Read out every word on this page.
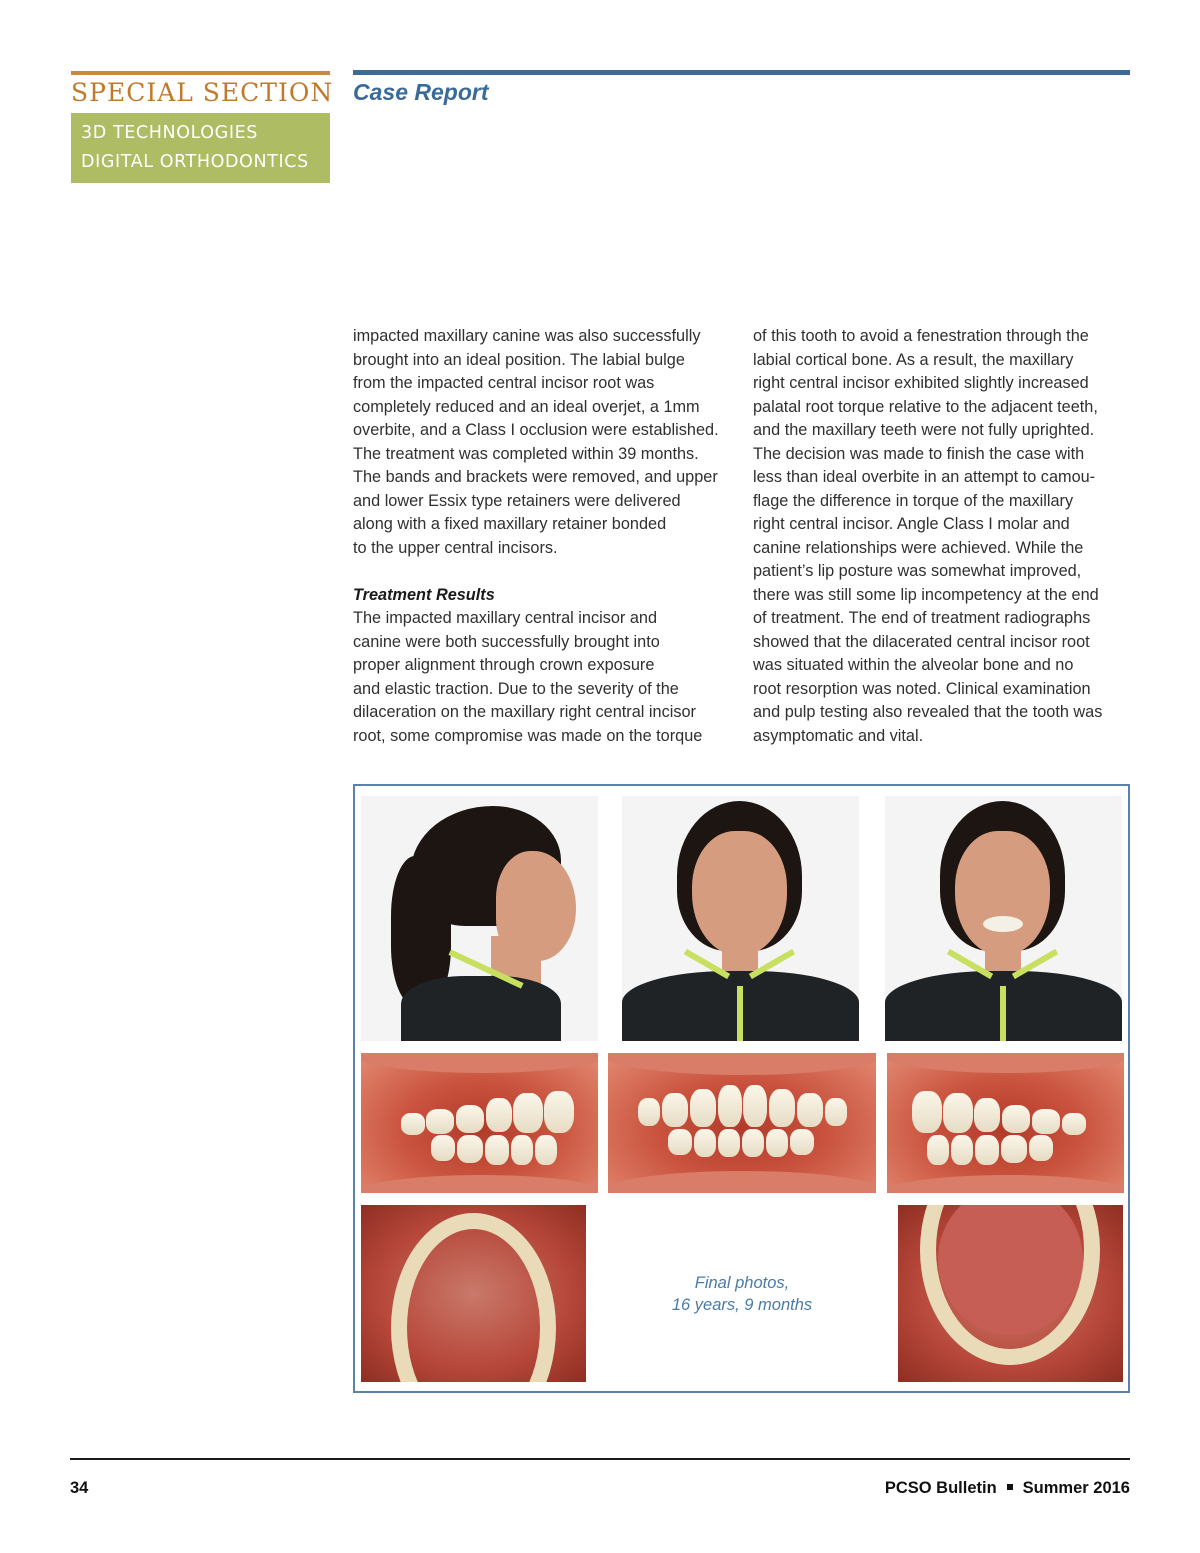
SPECIAL SECTION
3D TECHNOLOGIES
DIGITAL ORTHODONTICS
Case Report
impacted maxillary canine was also successfully
brought into an ideal position. The labial bulge
from the impacted central incisor root was
completely reduced and an ideal overjet, a 1mm
overbite, and a Class I occlusion were established.
The treatment was completed within 39 months.
The bands and brackets were removed, and upper
and lower Essix type retainers were delivered
along with a fixed maxillary retainer bonded
to the upper central incisors.
Treatment Results
The impacted maxillary central incisor and
canine were both successfully brought into
proper alignment through crown exposure
and elastic traction. Due to the severity of the
dilaceration on the maxillary right central incisor
root, some compromise was made on the torque
of this tooth to avoid a fenestration through the
labial cortical bone. As a result, the maxillary
right central incisor exhibited slightly increased
palatal root torque relative to the adjacent teeth,
and the maxillary teeth were not fully uprighted.
The decision was made to finish the case with
less than ideal overbite in an attempt to camou-
flage the difference in torque of the maxillary
right central incisor. Angle Class I molar and
canine relationships were achieved. While the
patient’s lip posture was somewhat improved,
there was still some lip incompetency at the end
of treatment. The end of treatment radiographs
showed that the dilacerated central incisor root
was situated within the alveolar bone and no
root resorption was noted. Clinical examination
and pulp testing also revealed that the tooth was
asymptomatic and vital.
Final photos,
16 years, 9 months
34	PCSO Bulletin Summer 2016
